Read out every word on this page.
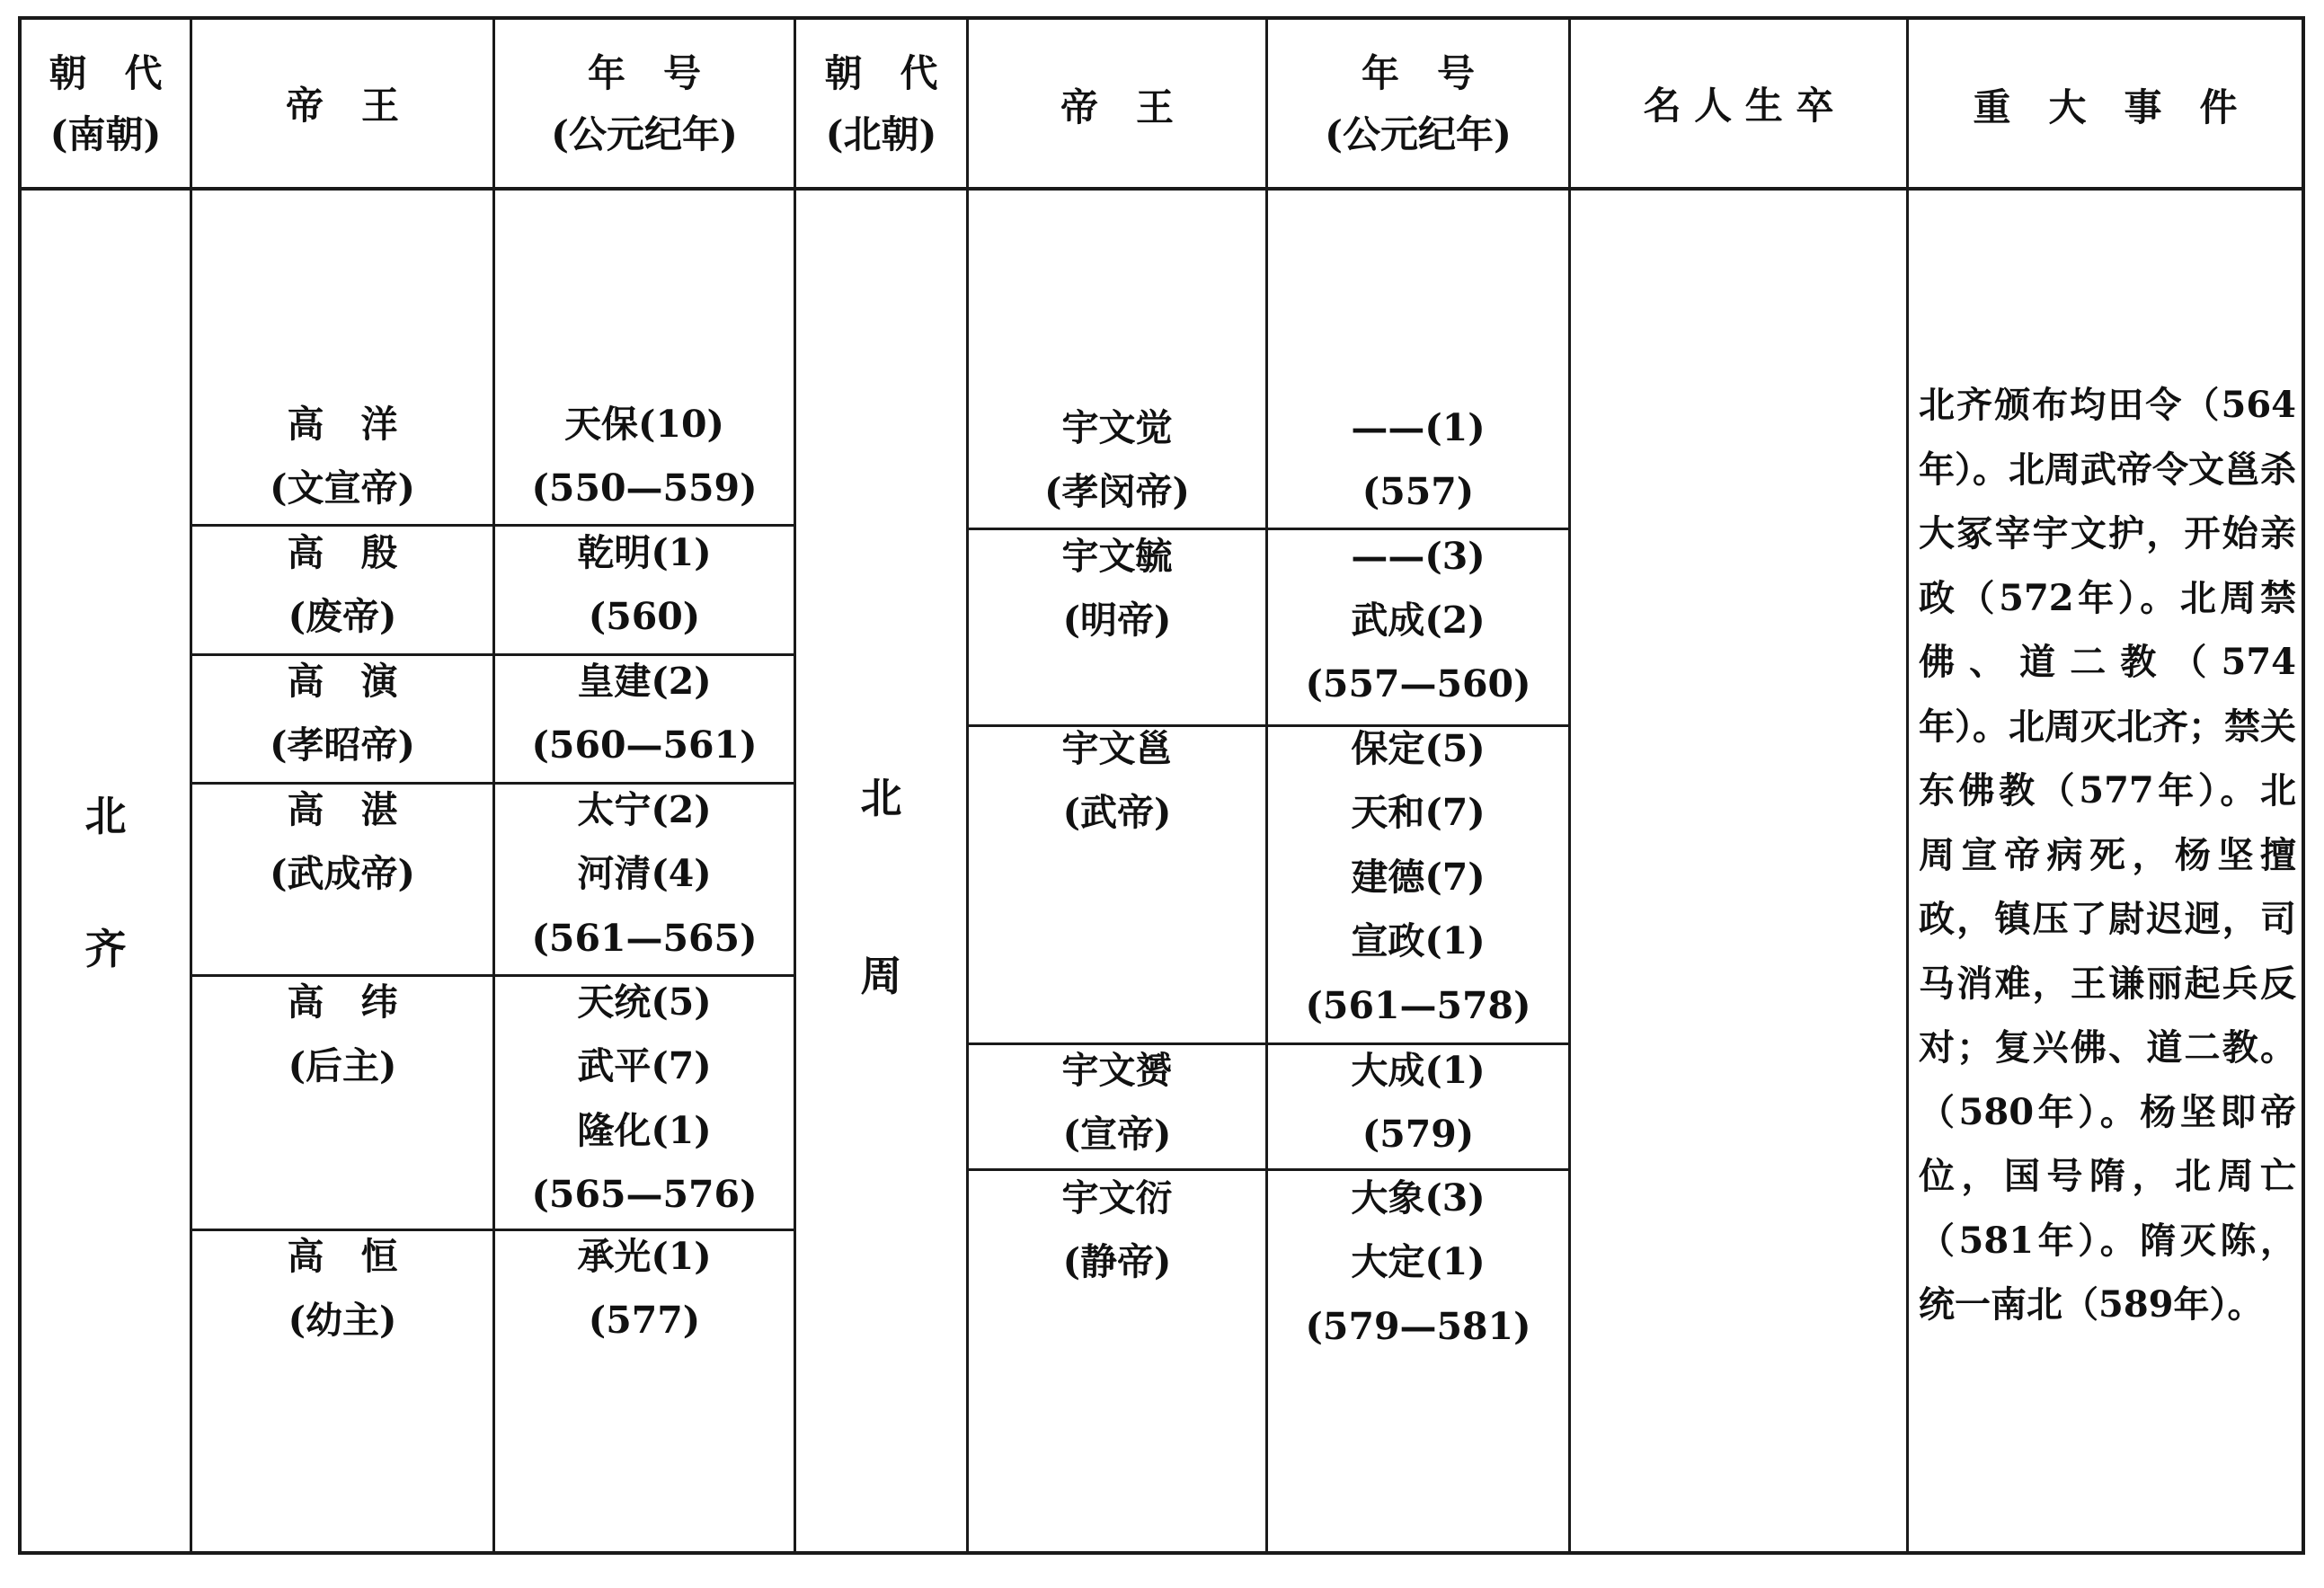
朝　代
(南朝)
帝　王
年　号
(公元纪年)
朝　代
(北朝)
帝　王
年　号
(公元纪年)
名 人 生 卒	重　大　事　件
北
齐
北
周
高　洋
(文宣帝)
高　殷
(废帝)
高　演
(孝昭帝)
高　湛
(武成帝)
高　纬
(后主)
高　恒
(幼主)
天保(10)
(550—559)
乾明(1)
(560)
皇建(2)
(560—561)
太宁(2)
河清(4)
(561—565)
天统(5)
武平(7)
隆化(1)
(565—576)
承光(1)
(577)
宇文觉
(孝闵帝)
宇文毓
(明帝)
宇文邕
(武帝)
宇文赟
(宣帝)
宇文衍
(静帝)
——(1)
(557)
——(3)
武成(2)
(557—560)
保定(5)
天和(7)
建德(7)
宣政(1)
(561—578)
大成(1)
(579)
大象(3)
大定(1)
(579—581)
北齐颁布均田令（564年）。北周武帝令文邕杀大冢宰宇文护，开始亲政（572年）。北周禁佛、道二教（574年）。北周灭北齐；禁关东佛教（577年）。北周宣帝病死，杨坚擅政，镇压了尉迟迥，司马消难，王谦丽起兵反对；复兴佛、道二教。（580年）。杨坚即帝位，国号隋，北周亡（581年）。隋灭陈，统一南北（589年）。
